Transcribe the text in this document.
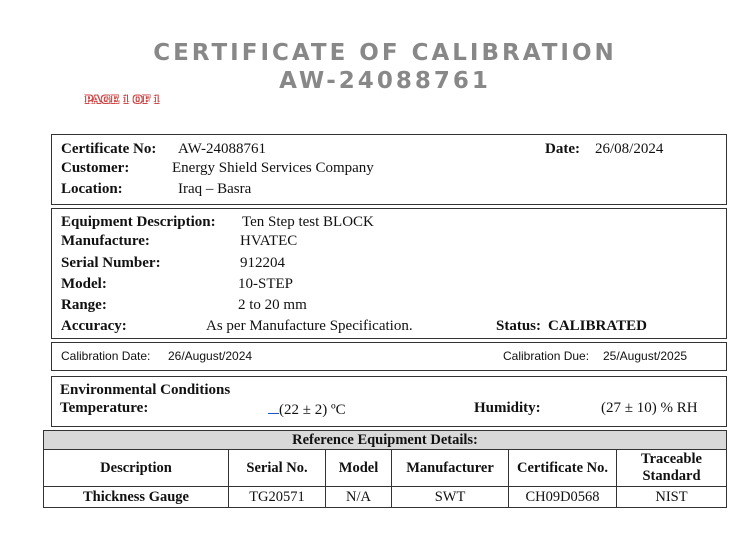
CERTIFICATE OF CALIBRATION
AW-24088761
PAGE 1 OF 1
Certificate No: AW-24088761	Date: 26/08/2024
Customer:	Energy Shield Services Company
Location:	Iraq – Basra
Equipment Description: Ten Step test BLOCK
Manufacture:	HVATEC
Serial Number:	912204
Model:	10-STEP
Range:	2 to 20 mm
Accuracy:	As per Manufacture Specification.	Status: CALIBRATED
Calibration Date: 26/August/2024	Calibration Due: 25/August/2025
Environmental Conditions
Temperature:	(22 ± 2) ºC	Humidity:	(27 ± 10) % RH
Reference Equipment Details:					
Description	Serial No.	Model	Manufacturer	Certificate No.	Traceable Standard
Thickness Gauge	TG20571	N/A	SWT	CH09D0568	NIST
